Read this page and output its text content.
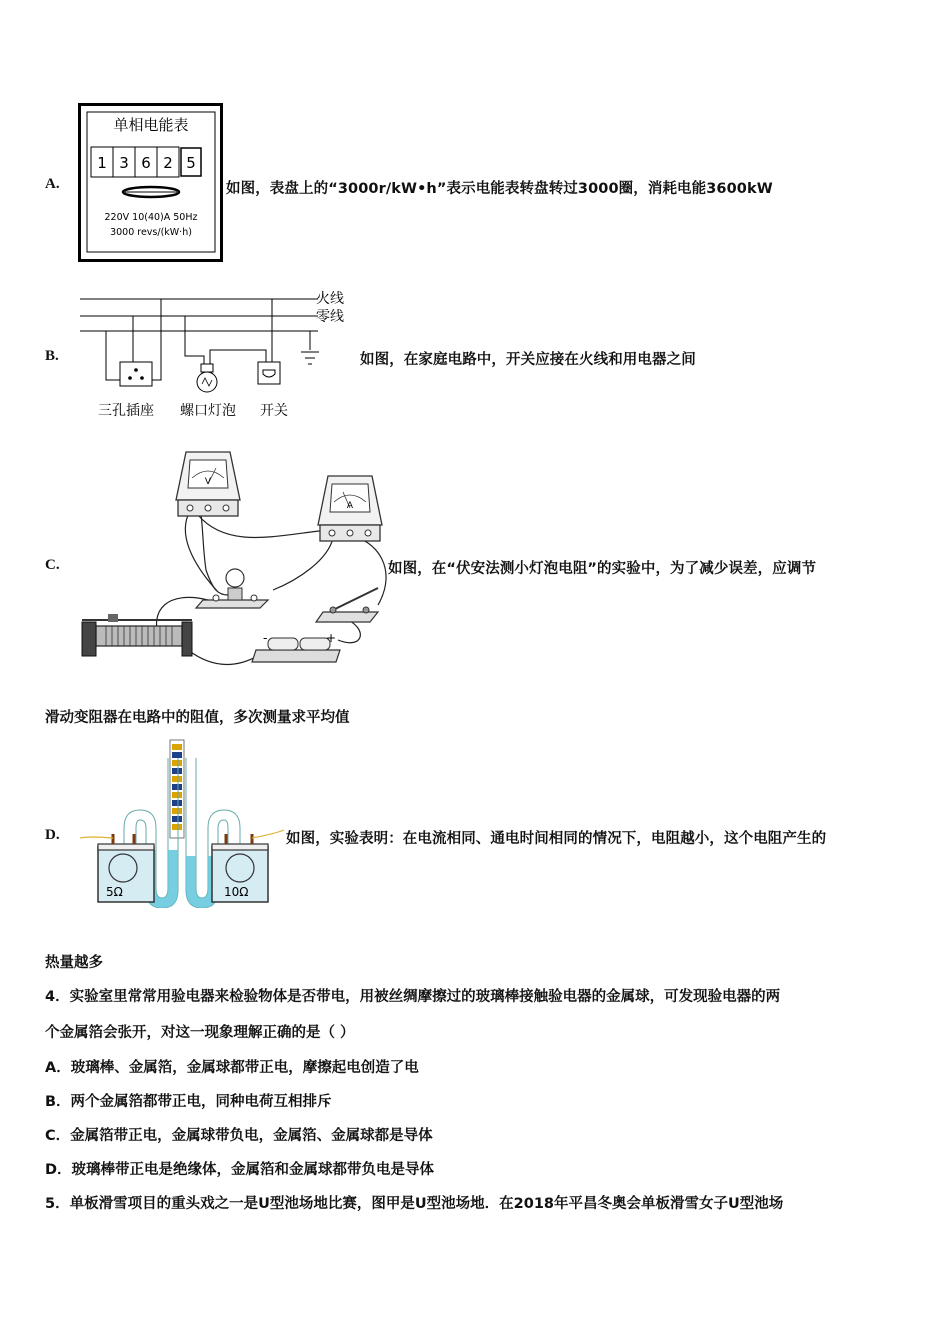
A.
单相电能表
1 3 6 2 5
220V 10(40)A 50Hz
3000 revs/(kW·h)
如图，表盘上的“3000r/kW•h”表示电能表转盘转过3000圈，消耗电能3600kW
B.
火线
零线
三孔插座 螺口灯泡 开关
如图，在家庭电路中，开关应接在火线和用电器之间
C.
V
A
-	+
如图，在“伏安法测小灯泡电阻”的实验中，为了减少误差，应调节
滑动变阻器在电路中的阻值，多次测量求平均值
D.
5Ω	10Ω
如图，实验表明：在电流相同、通电时间相同的情况下，电阻越小，这个电阻产生的
热量越多
4．实验室里常常用验电器来检验物体是否带电，用被丝绸摩擦过的玻璃棒接触验电器的金属球，可发现验电器的两
个金属箔会张开，对这一现象理解正确的是（ ）
A．玻璃棒、金属箔，金属球都带正电，摩擦起电创造了电
B．两个金属箔都带正电，同种电荷互相排斥
C．金属箔带正电，金属球带负电，金属箔、金属球都是导体
D．玻璃棒带正电是绝缘体，金属箔和金属球都带负电是导体
5．单板滑雪项目的重头戏之一是U型池场地比赛，图甲是U型池场地．在2018年平昌冬奥会单板滑雪女子U型池场
